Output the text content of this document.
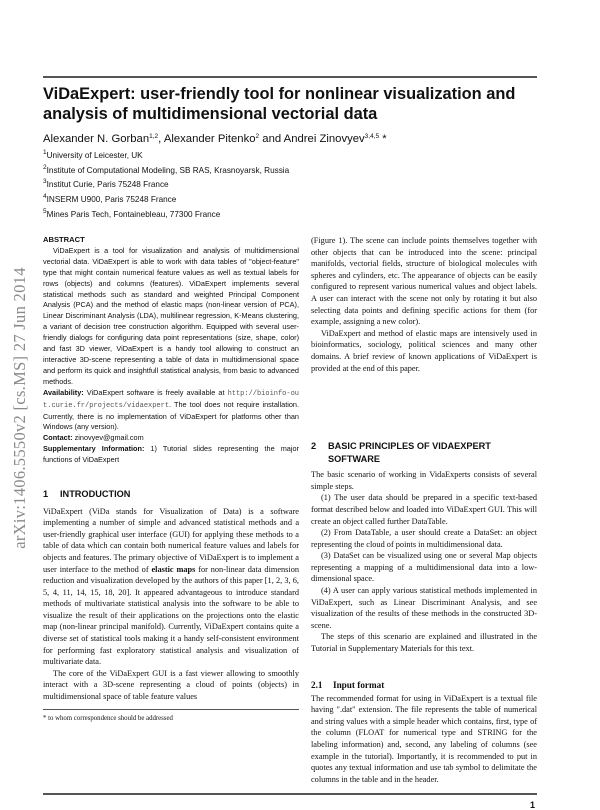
arXiv:1406.5550v2 [cs.MS] 27 Jun 2014
ViDaExpert: user-friendly tool for nonlinear visualization and analysis of multidimensional vectorial data
Alexander N. Gorban$^{1,2}$, Alexander Pitenko$^2$ and Andrei Zinovyev$^{3,4,5}$ *
$^1$University of Leicester, UK
$^2$Institute of Computational Modeling, SB RAS, Krasnoyarsk, Russia
$^3$Institut Curie, Paris 75248 France
$^4$INSERM U900, Paris 75248 France
$^5$Mines Paris Tech, Fontainebleau, 77300 France
ABSTRACT

ViDaExpert is a tool for visualization and analysis of multidimensional vectorial data. ViDaExpert is able to work with data tables of "object-feature" type that might contain numerical feature values as well as textual labels for rows (objects) and columns (features). ViDaExpert implements several statistical methods such as standard and weighted Principal Component Analysis (PCA) and the method of elastic maps (non-linear version of PCA), Linear Discriminant Analysis (LDA), multilinear regression, K-Means clustering, a variant of decision tree construction algorithm. Equipped with several user-friendly dialogs for configuring data point representations (size, shape, color) and fast 3D viewer, ViDaExpert is a handy tool allowing to construct an interactive 3D-scene representing a table of data in multidimensional space and perform its quick and insightfull statistical analysis, from basic to advanced methods.

Availability: ViDaExpert software is freely available at http://bioinfo-out.curie.fr/projects/vidaexpert. The tool does not require installation. Currently, there is no implementation of ViDaExpert for platforms other than Windows (any version).

Contact: zinovyev@gmail.com

Supplementary Information: 1) Tutorial slides representing the major functions of ViDaExpert

1 INTRODUCTION

ViDaExpert (ViDa stands for Visualization of Data) is a software implementing a number of simple and advanced statistical methods and a user-friendly graphical user interface (GUI) for applying these methods to a table of data which can contain both numerical feature values and labels for objects and features. The primary objective of ViDaExpert is to implement a user interface to the method of elastic maps for non-linear data dimension reduction and visualization developed by the authors of this paper [1, 2, 3, 6, 5, 4, 11, 14, 15, 18, 20]. It appeared advantageous to introduce standard methods of multivariate statistical analysis into the software to be able to visualize the result of their applications on the projections onto the elastic map (non-linear principal manifold). Currently, ViDaExpert contains quite a diverse set of statistical tools making it a handy self-consistent environment for performing fast exploratory statistical analysis and visualization of multivariate data.

The core of the ViDaExpert GUI is a fast viewer allowing to smoothly interact with a 3D-scene representing a cloud of points (objects) in multidimensional space of table feature values

* to whom correspondence should be addressed

(Figure 1). The scene can include points themselves together with other objects that can be introduced into the scene: principal manifolds, vectorial fields, structure of biological molecules with spheres and cylinders, etc. The appearance of objects can be easily configured to represent various numerical values and object labels. A user can interact with the scene not only by rotating it but also selecting data points and defining specific actions for them (for example, assigning a new color).

ViDaExpert and method of elastic maps are intensively used in bioinformatics, sociology, political sciences and many other domains. A brief review of known applications of ViDaExpert is provided at the end of this paper.

2	BASIC PRINCIPLES OF VIDAEXPERT SOFTWARE

The basic scenario of working in VidaExperts consists of several simple steps.

(1) The user data should be prepared in a specific text-based format described below and loaded into ViDaExpert GUI. This will create an object called further DataTable.

(2) From DataTable, a user should create a DataSet: an object representing the cloud of points in multidimensional data.

(3) DataSet can be visualized using one or several Map objects representing a mapping of a multidimensional data into a low-dimensional space.

(4) A user can apply various statistical methods implemented in ViDaExpert, such as Linear Discriminant Analysis, and see visualization of the results of these methods in the constructed 3D-scene.

The steps of this scenario are explained and illustrated in the Tutorial in Supplementary Materials for this text.

2.1 Input format

The recommended format for using in ViDaExpert is a textual file having ".dat" extension. The file represents the table of numerical and string values with a simple header which contains, first, type of the column (FLOAT for numerical type and STRING for the labeling information) and, second, any labeling of columns (see example in the tutorial). Importantly, it is recommended to put in quotes any textual information and use tab symbol to delimitate the columns in the table and in the header.

1
